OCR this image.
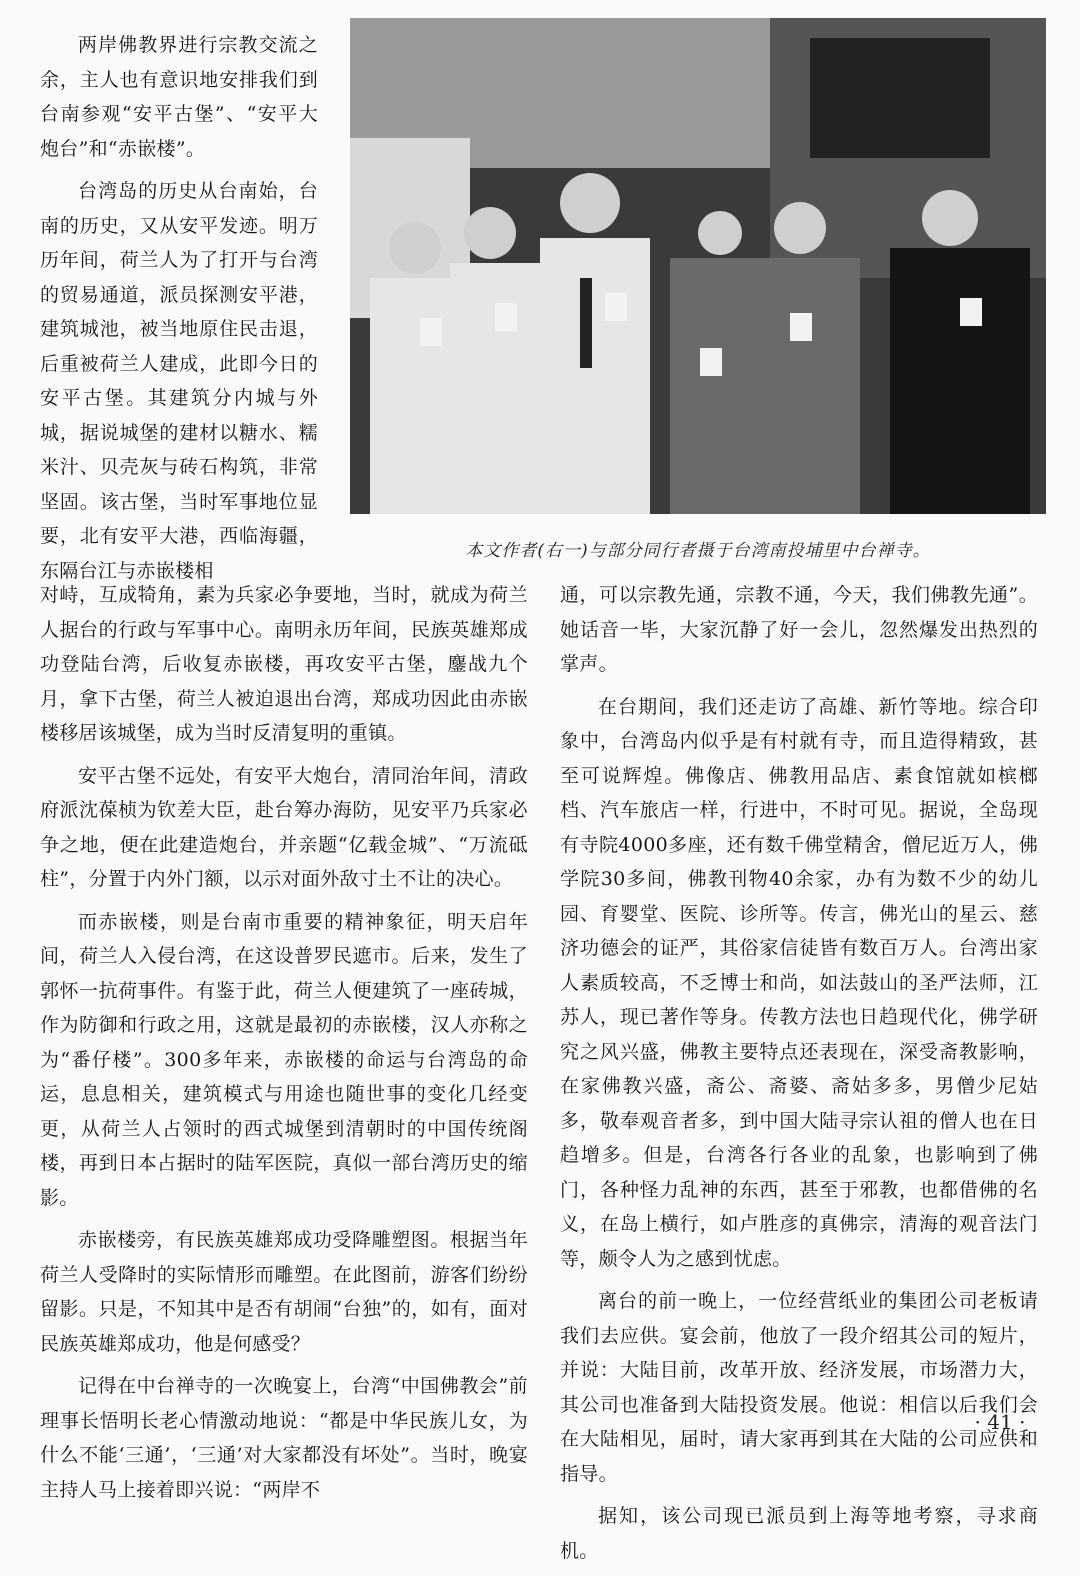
两岸佛教界进行宗教交流之余，主人也有意识地安排我们到台南参观“安平古堡”、“安平大炮台”和“赤嵌楼”。

台湾岛的历史从台南始，台南的历史，又从安平发迹。明万历年间，荷兰人为了打开与台湾的贸易通道，派员探测安平港，建筑城池，被当地原住民击退，后重被荷兰人建成，此即今日的安平古堡。其建筑分内城与外城，据说城堡的建材以糖水、糯米汁、贝壳灰与砖石构筑，非常坚固。该古堡，当时军事地位显要，北有安平大港，西临海疆，东隔台江与赤嵌楼相

本文作者(右一)与部分同行者摄于台湾南投埔里中台禅寺。

对峙，互成犄角，素为兵家必争要地，当时，就成为荷兰人据台的行政与军事中心。南明永历年间，民族英雄郑成功登陆台湾，后收复赤嵌楼，再攻安平古堡，鏖战九个月，拿下古堡，荷兰人被迫退出台湾，郑成功因此由赤嵌楼移居该城堡，成为当时反清复明的重镇。

安平古堡不远处，有安平大炮台，清同治年间，清政府派沈葆桢为钦差大臣，赴台筹办海防，见安平乃兵家必争之地，便在此建造炮台，并亲题“亿载金城”、“万流砥柱”，分置于内外门额，以示对面外敌寸土不让的决心。

而赤嵌楼，则是台南市重要的精神象征，明天启年间，荷兰人入侵台湾，在这设普罗民遮市。后来，发生了郭怀一抗荷事件。有鉴于此，荷兰人便建筑了一座砖城，作为防御和行政之用，这就是最初的赤嵌楼，汉人亦称之为“番仔楼”。300多年来，赤嵌楼的命运与台湾岛的命运，息息相关，建筑模式与用途也随世事的变化几经变更，从荷兰人占领时的西式城堡到清朝时的中国传统阁楼，再到日本占据时的陆军医院，真似一部台湾历史的缩影。

赤嵌楼旁，有民族英雄郑成功受降雕塑图。根据当年荷兰人受降时的实际情形而雕塑。在此图前，游客们纷纷留影。只是，不知其中是否有胡闹“台独”的，如有，面对民族英雄郑成功，他是何感受？

记得在中台禅寺的一次晚宴上，台湾“中国佛教会”前理事长悟明长老心情激动地说：“都是中华民族儿女，为什么不能‘三通’，‘三通’对大家都没有坏处”。当时，晚宴主持人马上接着即兴说：“两岸不

通，可以宗教先通，宗教不通，今天，我们佛教先通”。她话音一毕，大家沉静了好一会儿，忽然爆发出热烈的掌声。

在台期间，我们还走访了高雄、新竹等地。综合印象中，台湾岛内似乎是有村就有寺，而且造得精致，甚至可说辉煌。佛像店、佛教用品店、素食馆就如槟榔档、汽车旅店一样，行进中，不时可见。据说，全岛现有寺院4000多座，还有数千佛堂精舍，僧尼近万人，佛学院30多间，佛教刊物40余家，办有为数不少的幼儿园、育婴堂、医院、诊所等。传言，佛光山的星云、慈济功德会的证严，其俗家信徒皆有数百万人。台湾出家人素质较高，不乏博士和尚，如法鼓山的圣严法师，江苏人，现已著作等身。传教方法也日趋现代化，佛学研究之风兴盛，佛教主要特点还表现在，深受斋教影响，在家佛教兴盛，斋公、斋婆、斋姑多多，男僧少尼姑多，敬奉观音者多，到中国大陆寻宗认祖的僧人也在日趋增多。但是，台湾各行各业的乱象，也影响到了佛门，各种怪力乱神的东西，甚至于邪教，也都借佛的名义，在岛上横行，如卢胜彦的真佛宗，清海的观音法门等，颇令人为之感到忧虑。

离台的前一晚上，一位经营纸业的集团公司老板请我们去应供。宴会前，他放了一段介绍其公司的短片，并说：大陆目前，改革开放、经济发展，市场潜力大，其公司也准备到大陆投资发展。他说：相信以后我们会在大陆相见，届时，请大家再到其在大陆的公司应供和指导。

据知，该公司现已派员到上海等地考察，寻求商机。

· 41 ·
